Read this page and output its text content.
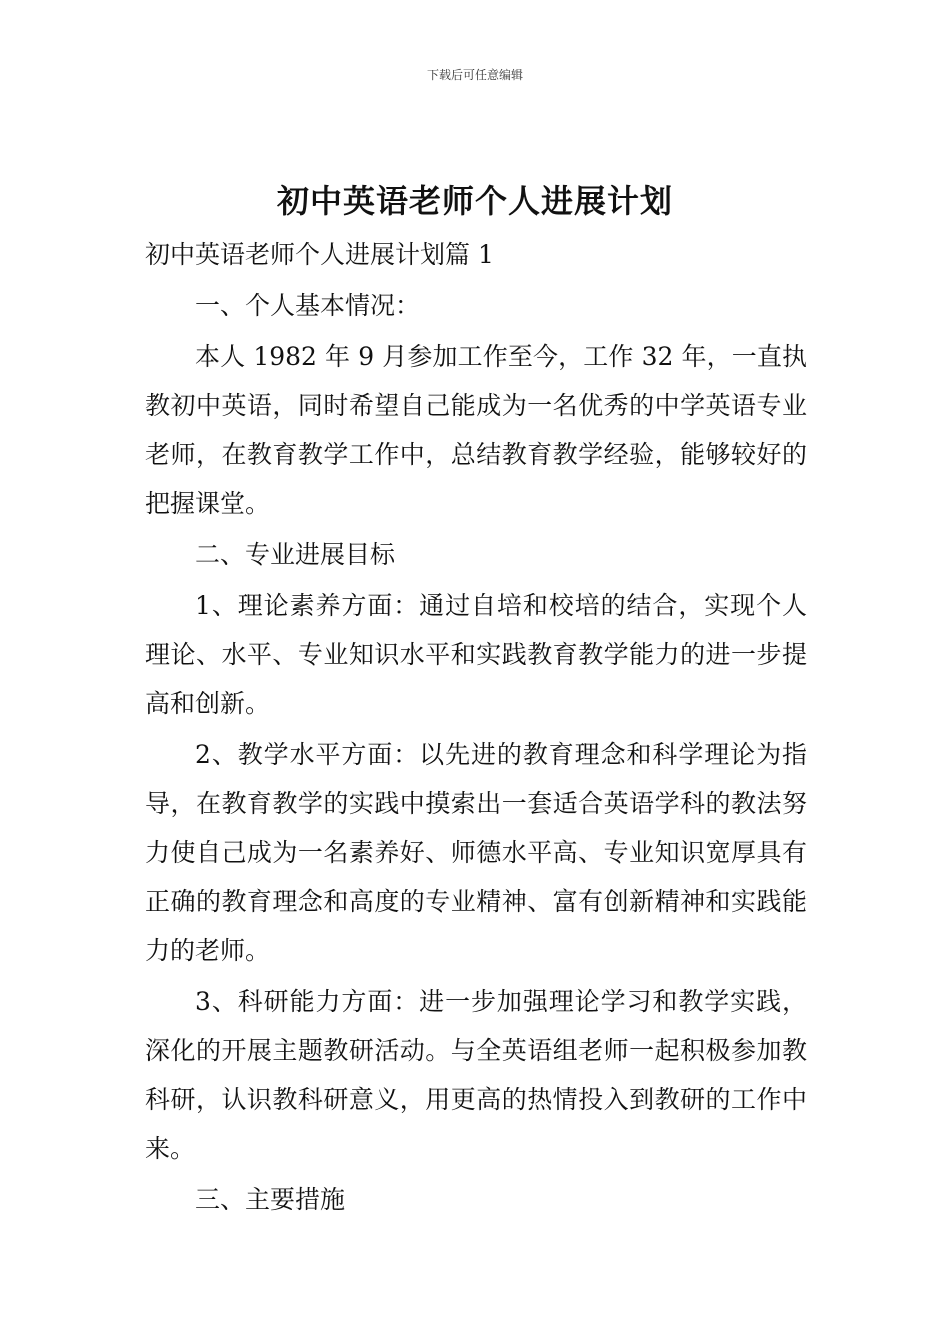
下载后可任意编辑
初中英语老师个人进展计划

初中英语老师个人进展计划篇 1

一、个人基本情况：

本人 1982 年 9 月参加工作至今，工作 32 年，一直执教初中英语，同时希望自己能成为一名优秀的中学英语专业老师，在教育教学工作中，总结教育教学经验，能够较好的把握课堂。

二、专业进展目标

1、理论素养方面：通过自培和校培的结合，实现个人理论、水平、专业知识水平和实践教育教学能力的进一步提高和创新。

2、教学水平方面：以先进的教育理念和科学理论为指导，在教育教学的实践中摸索出一套适合英语学科的教法努力使自己成为一名素养好、师德水平高、专业知识宽厚具有正确的教育理念和高度的专业精神、富有创新精神和实践能力的老师。

3、科研能力方面：进一步加强理论学习和教学实践，深化的开展主题教研活动。与全英语组老师一起积极参加教科研，认识教科研意义，用更高的热情投入到教研的工作中来。

三、主要措施
